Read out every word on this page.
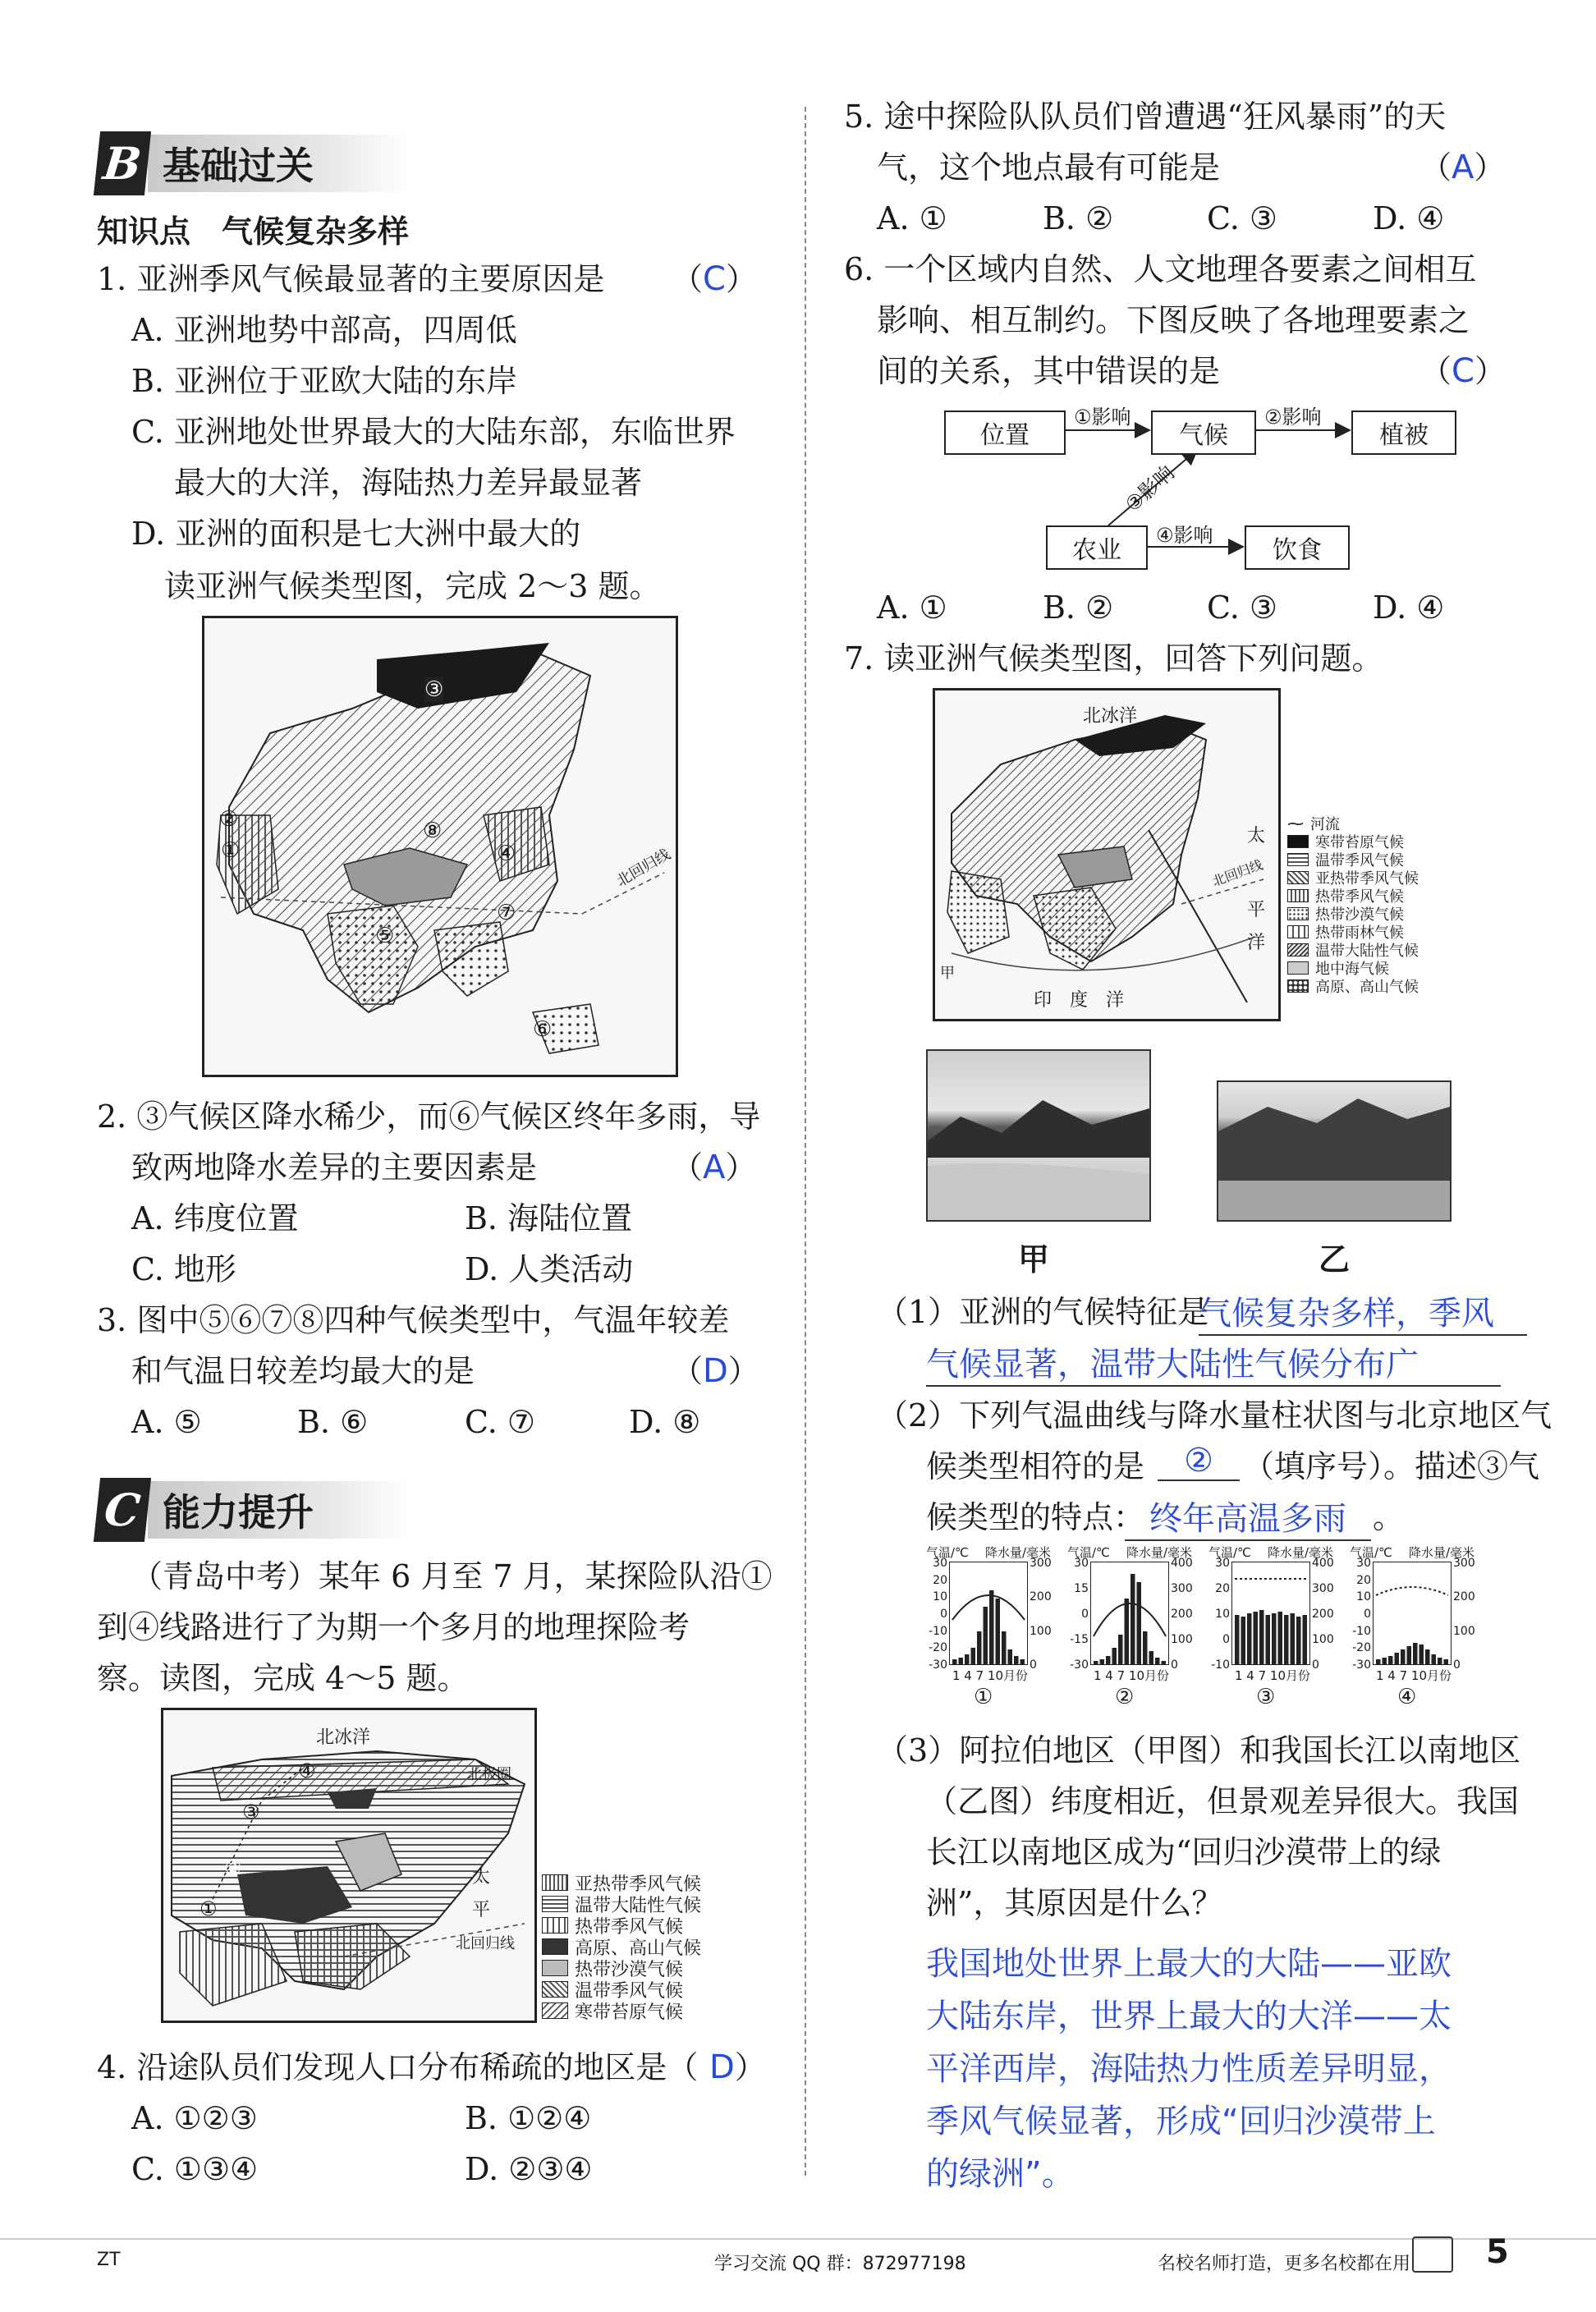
B 基础过关
知识点　气候复杂多样
1. 亚洲季风气候最显著的主要原因是 （C）
A. 亚洲地势中部高，四周低
B. 亚洲位于亚欧大陆的东岸
C. 亚洲地处世界最大的大陆东部，东临世界
最大的大洋，海陆热力差异最显著
D. 亚洲的面积是七大洲中最大的
读亚洲气候类型图，完成 2～3 题。
①
②
③
④
⑤
⑥
⑦
⑧
北回归线
2. ③气候区降水稀少，而⑥气候区终年多雨，导
致两地降水差异的主要因素是	（A）
A. 纬度位置	B. 海陆位置
C. 地形	D. 人类活动
3. 图中⑤⑥⑦⑧四种气候类型中，气温年较差
和气温日较差均最大的是	（D）
A. ⑤	B. ⑥	C. ⑦	D. ⑧
C 能力提升
（青岛中考）某年 6 月至 7 月，某探险队沿①
到④线路进行了为期一个多月的地理探险考
察。读图，完成 4～5 题。
北冰洋
北极圈
太
平
北回归线
①
②
③
④
亚热带季风气候
温带大陆性气候
热带季风气候
高原、高山气候
热带沙漠气候
温带季风气候
寒带苔原气候
4. 沿途队员们发现人口分布稀疏的地区是（ D）
A. ①②③	B. ①②④
C. ①③④	D. ②③④
5. 途中探险队队员们曾遭遇“狂风暴雨”的天
气，这个地点最有可能是	（A）
A. ①	B. ②	C. ③	D. ④
6. 一个区域内自然、人文地理各要素之间相互
影响、相互制约。下图反映了各地理要素之
间的关系，其中错误的是	（C）
位置	气候	植被
农业	饮食
①影响	②影响
③影响
④影响
A. ①	B. ②	C. ③	D. ④
7. 读亚洲气候类型图，回答下列问题。
北冰洋
印　度　洋
太
平
洋
北回归线
甲
⁓ 河流
寒带苔原气候
温带季风气候
亚热带季风气候
热带季风气候
热带沙漠气候
热带雨林气候
温带大陆性气候
地中海气候
高原、高山气候
甲	乙
（1）亚洲的气候特征是
气候复杂多样，季风
气候显著，温带大陆性气候分布广
（2）下列气温曲线与降水量柱状图与北京地区气
候类型相符的是	② （填序号）。描述③气
候类型的特点： 终年高温多雨 。
气温/℃ 降水量/毫米
30
20
10
0
-10
-20
-30
300
200
100
0
1 4 7 10月份
①
气温/℃ 降水量/毫米
30
15
0
-15
-30
400
300
200
100
0
1 4 7 10月份
②
气温/℃ 降水量/毫米
30
20
10
0
-10
400
300
200
100
0
1 4 7 10月份
③
气温/℃ 降水量/毫米
30
20
10
0
-10
-20
-30
300
200
100
0
1 4 7 10月份
④
（3）阿拉伯地区（甲图）和我国长江以南地区
（乙图）纬度相近，但景观差异很大。我国
长江以南地区成为“回归沙漠带上的绿
洲”，其原因是什么？
我国地处世界上最大的大陆——亚欧
大陆东岸，世界上最大的大洋——太
平洋西岸，海陆热力性质差异明显，
季风气候显著，形成“回归沙漠带上
的绿洲”。
ZT	学习交流 QQ 群：872977198	名校名师打造，更多名校都在用 5
